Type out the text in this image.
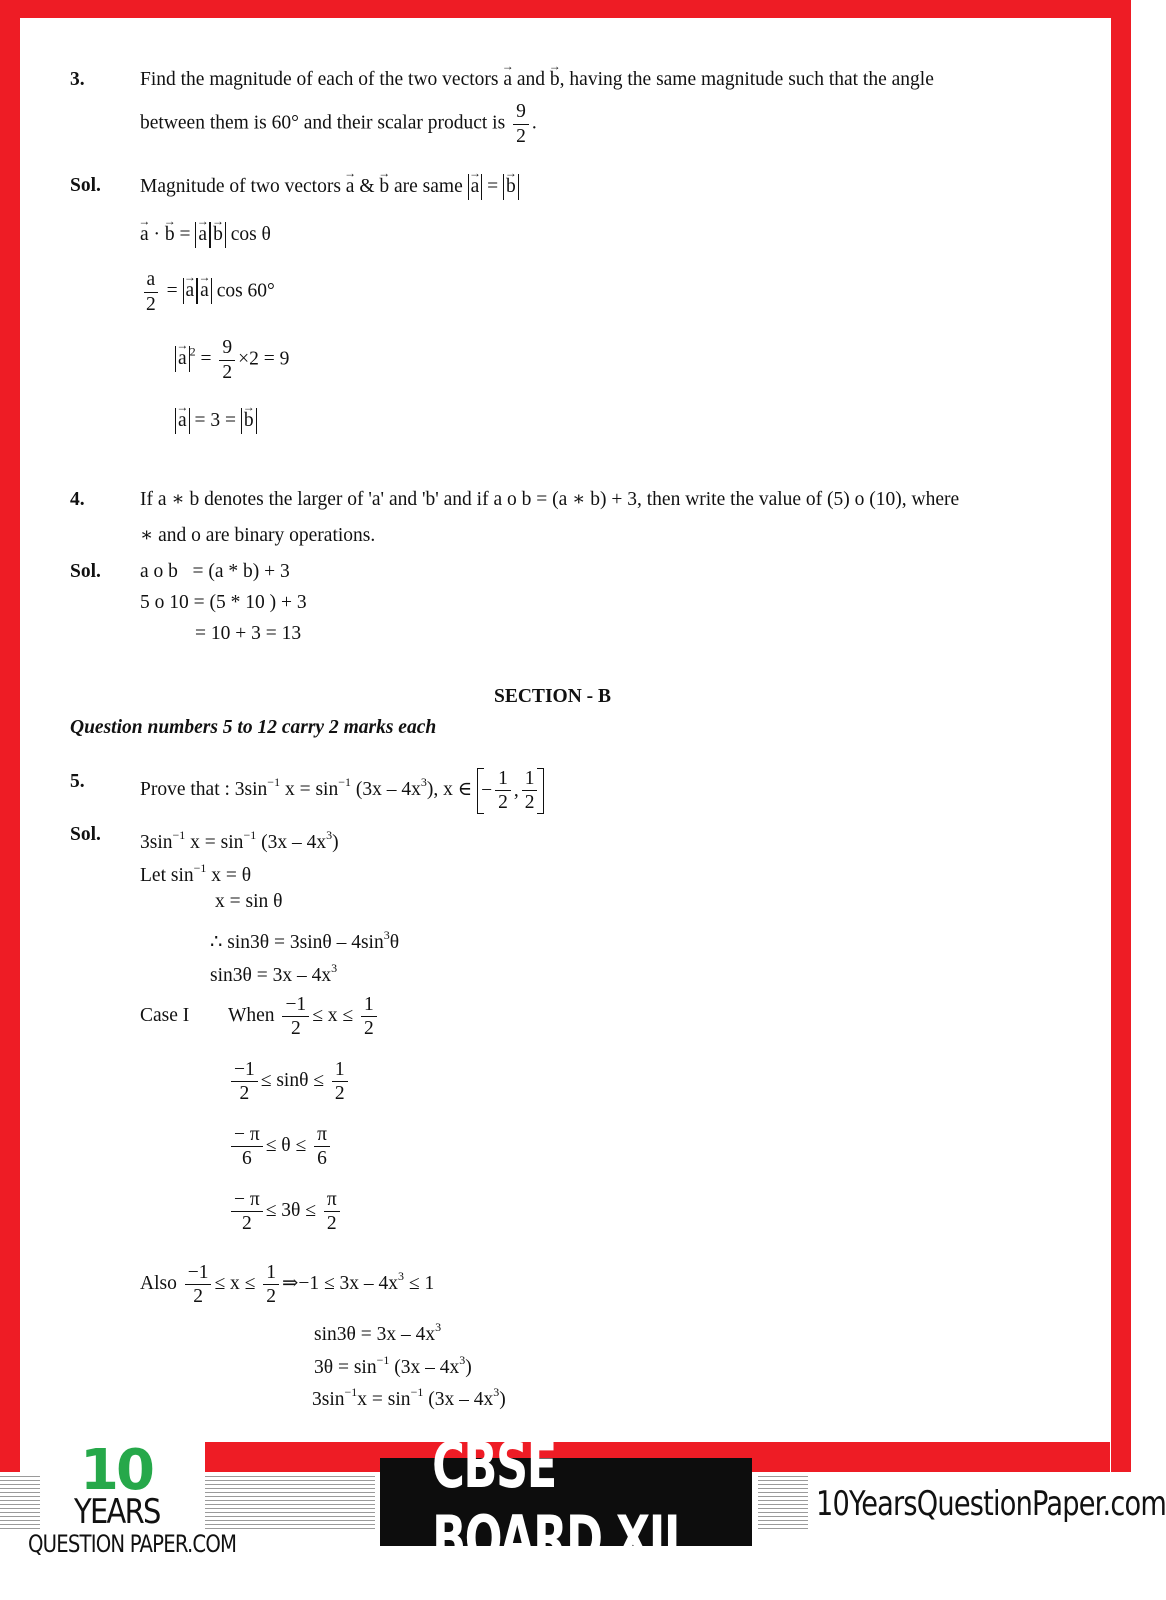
3.	Find the magnitude of each of the two vectors → a and → b, having the same magnitude such that the angle
between them is 60° and their scalar product is $\frac{9}{2}$ .
Sol. Magnitude of two vectors → a & → b are same → a = → b
→ a · → b = → a → b cos θ
$\frac{a}{2}$ = → a → a cos 60°
→ a $^2 = \frac{9}{2} \times 2 = 9$
→ a = 3 = → b
4.	If a ∗ b denotes the larger of 'a' and 'b' and if a o b = (a ∗ b) + 3, then write the value of (5) o (10), where
∗ and o are binary operations.
Sol. a o b   = (a * b) + 3
5 o 10 = (5 * 10 ) + 3
= 10 + 3 = 13
SECTION - B
Question numbers 5 to 12 carry 2 marks each
5.	Prove that : $3\sin^{-1}$ $x = \sin^{-1} (3x - 4x^3)$, x ∈ − $\frac{1}{2}$ , $\frac{1}{2}$
Sol. $3\sin^{-1}$ $x = \sin^{-1} (3x - 4x^3)$
Let $\sin^{-1} x = \theta$
x = sin θ
∴ $\sin 3\theta = 3\sin\theta - 4\sin^3\theta$
$\sin 3\theta = 3x - 4x^3$
Case I When $\frac{-1}{2} \le x \le \frac{1}{2}$
$\frac{-1}{2} \le \sin\theta \le \frac{1}{2}$
$\frac{- \pi}{6} \le \theta \le \frac{\pi}{6}$
$\frac{- \pi}{2} \le 3\theta \le \frac{\pi}{2}$
Also $\frac{-1}{2} \le x \le \frac{1}{2}$ ⇒−1 ≤ $3x - 4x^3 \le 1$
$\sin 3\theta = 3x - 4x^3$
$3\theta = \sin^{-1} (3x - 4x^3)$
$3\sin^{-1}x = \sin^{-1} (3x - 4x^3)$
10
YEARS
QUESTION PAPER.COM
CBSE BOARD XII	10YearsQuestionPaper.com
